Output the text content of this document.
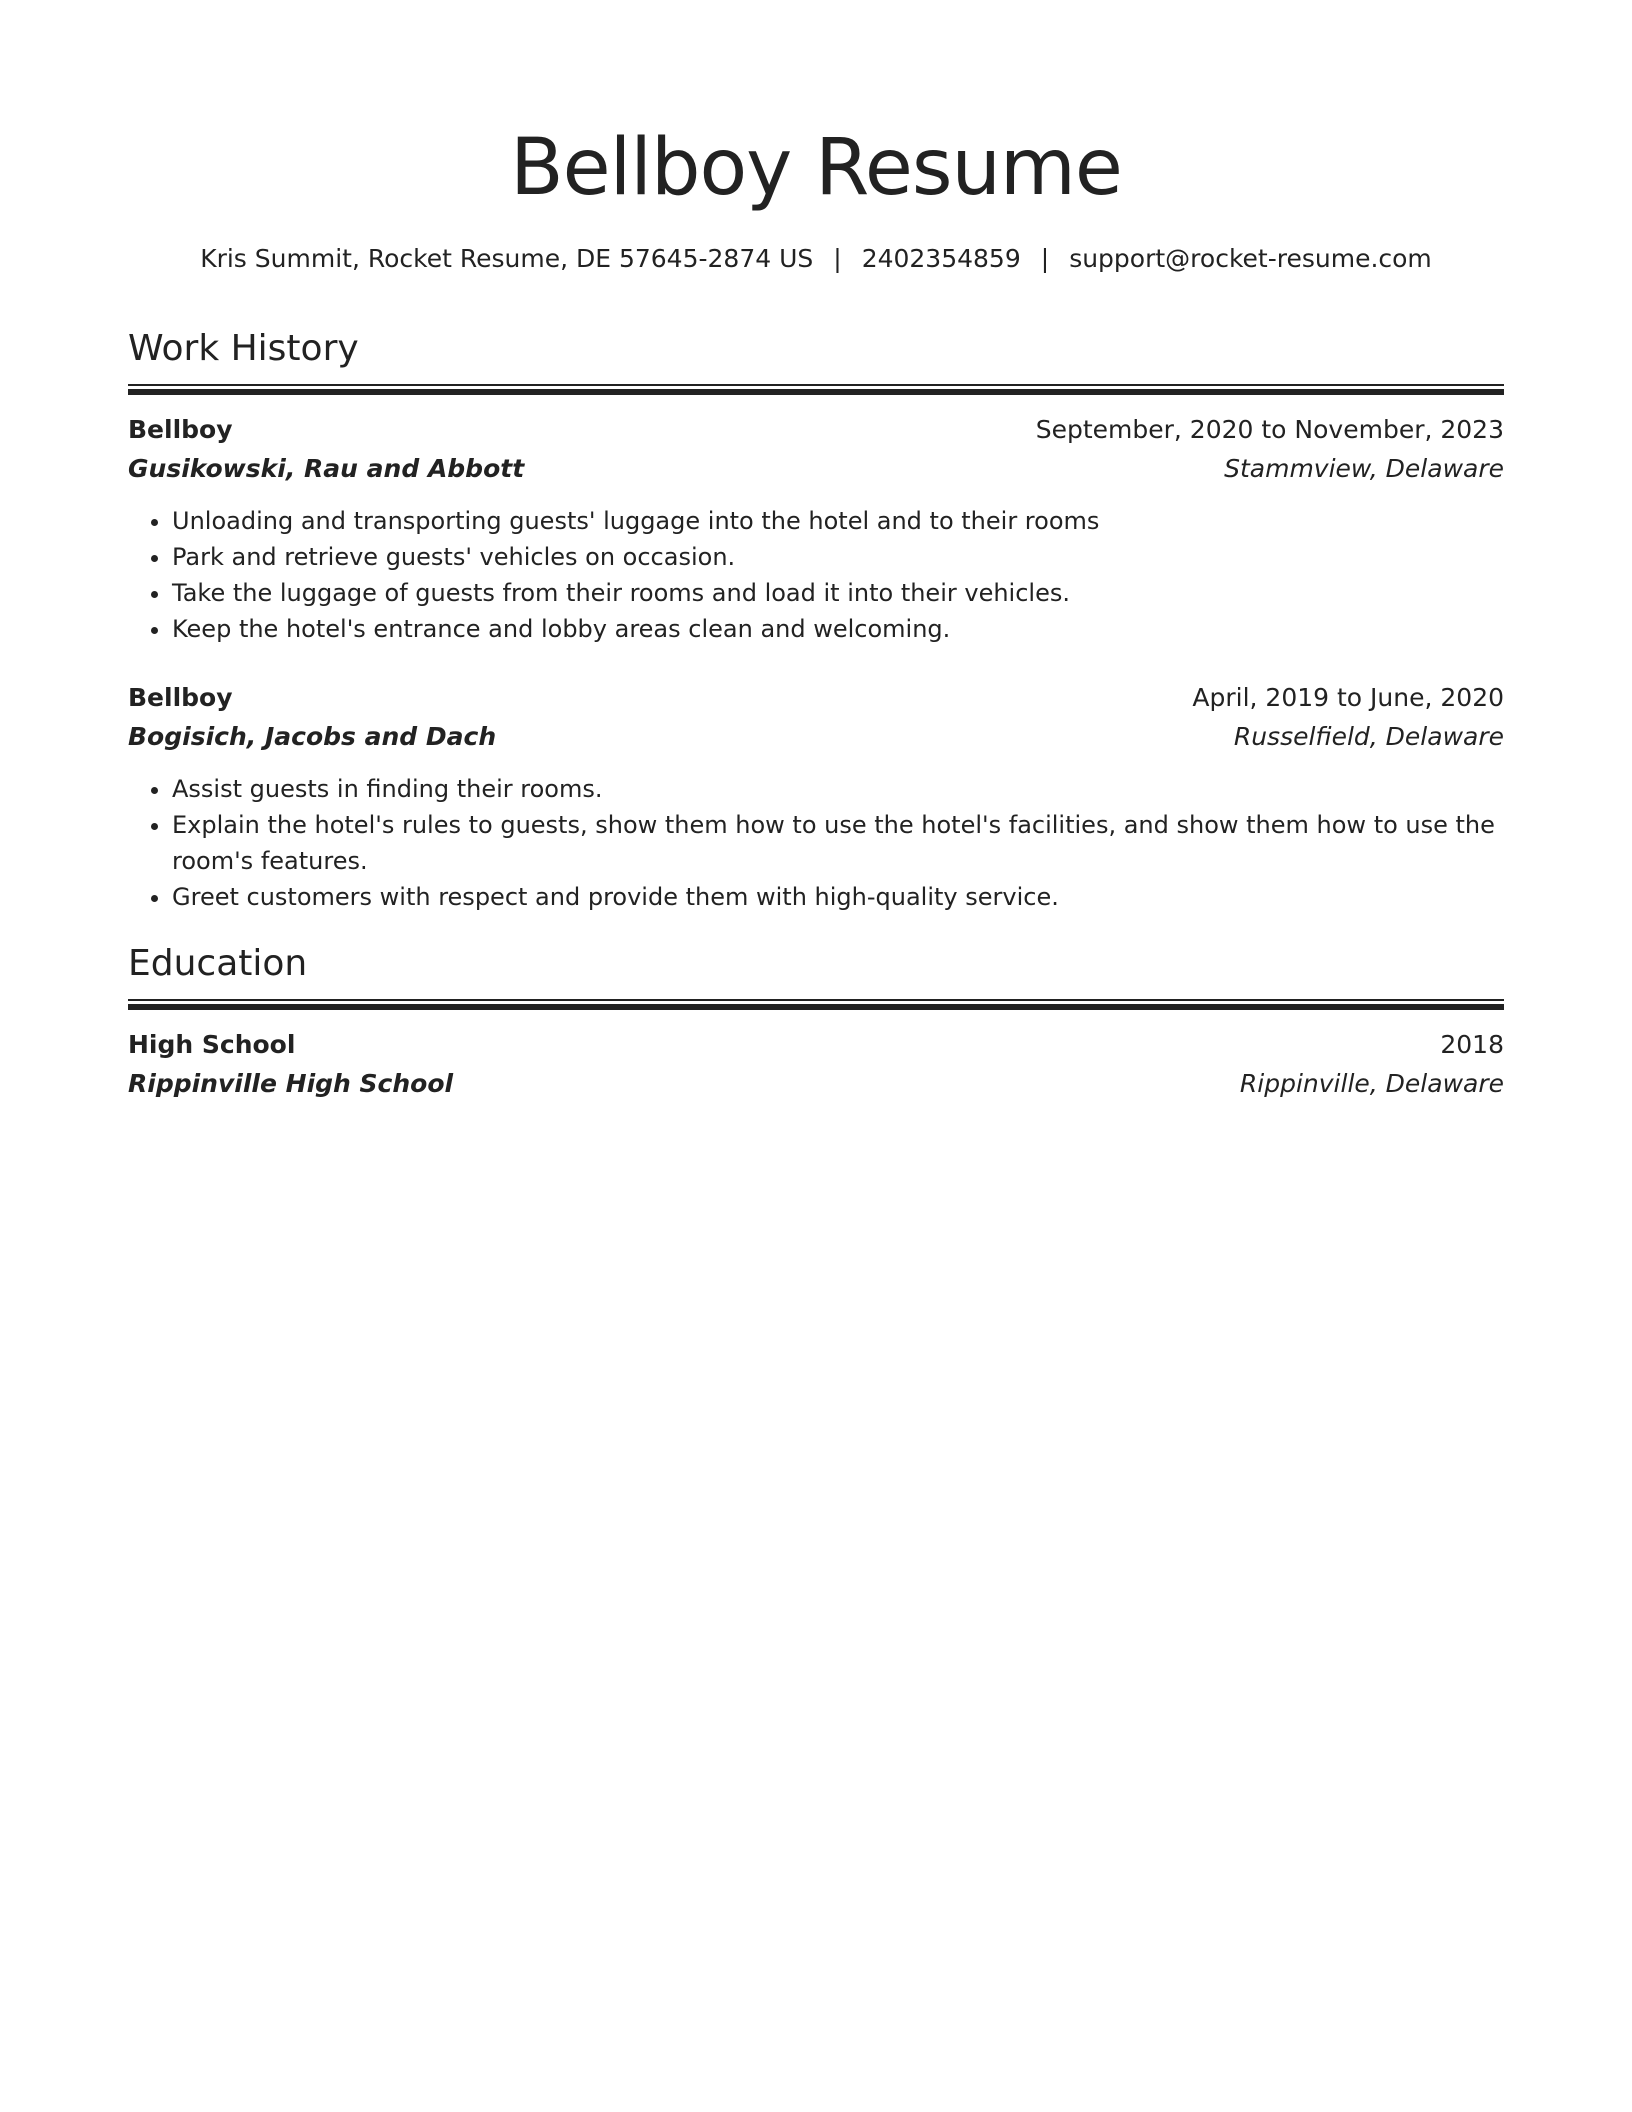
Bellboy Resume
Kris Summit, Rocket Resume, DE 57645-2874 US | 2402354859 | support@rocket-resume.com
Work History
Bellboy	September, 2020 to November, 2023
Gusikowski, Rau and Abbott	Stammview, Delaware
• Unloading and transporting guests' luggage into the hotel and to their rooms
• Park and retrieve guests' vehicles on occasion.
• Take the luggage of guests from their rooms and load it into their vehicles.
• Keep the hotel's entrance and lobby areas clean and welcoming.
Bellboy	April, 2019 to June, 2020
Bogisich, Jacobs and Dach	Russelfield, Delaware
• Assist guests in finding their rooms.
• Explain the hotel's rules to guests, show them how to use the hotel's facilities, and show them how to use the room's features.
• Greet customers with respect and provide them with high-quality service.
Education
High School	2018
Rippinville High School	Rippinville, Delaware
